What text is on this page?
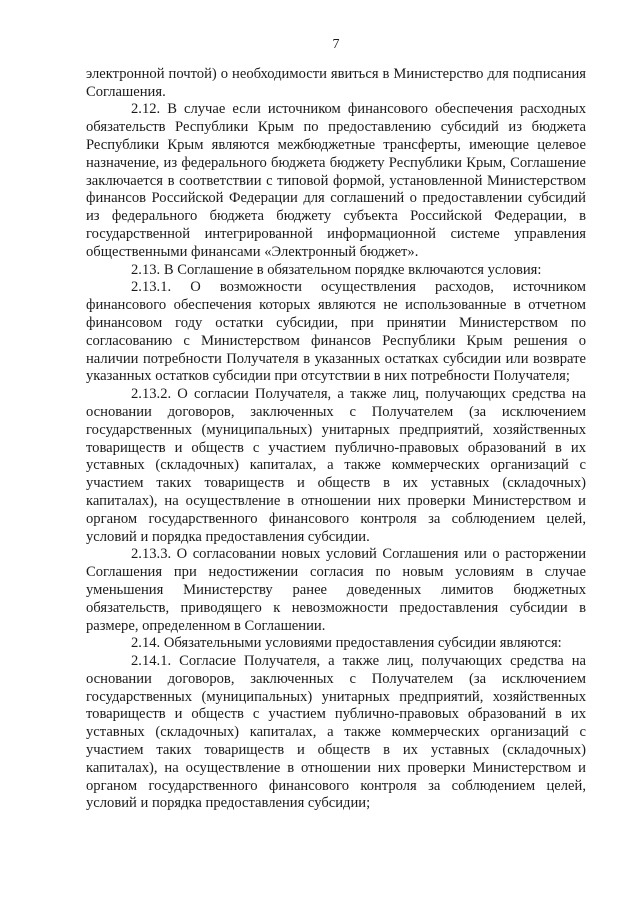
7

электронной почтой) о необходимости явиться в Министерство для подписания Соглашения.

2.12. В случае если источником финансового обеспечения расходных обязательств Республики Крым по предоставлению субсидий из бюджета Республики Крым являются межбюджетные трансферты, имеющие целевое назначение, из федерального бюджета бюджету Республики Крым, Соглашение заключается в соответствии с типовой формой, установленной Министерством финансов Российской Федерации для соглашений о предоставлении субсидий из федерального бюджета бюджету субъекта Российской Федерации, в государственной интегрированной информационной системе управления общественными финансами «Электронный бюджет».

2.13. В Соглашение в обязательном порядке включаются условия:

2.13.1. О возможности осуществления расходов, источником финансового обеспечения которых являются не использованные в отчетном финансовом году остатки субсидии, при принятии Министерством по согласованию с Министерством финансов Республики Крым решения о наличии потребности Получателя в указанных остатках субсидии или возврате указанных остатков субсидии при отсутствии в них потребности Получателя;

2.13.2. О согласии Получателя, а также лиц, получающих средства на основании договоров, заключенных с Получателем (за исключением государственных (муниципальных) унитарных предприятий, хозяйственных товариществ и обществ с участием публично-правовых образований в их уставных (складочных) капиталах, а также коммерческих организаций с участием таких товариществ и обществ в их уставных (складочных) капиталах), на осуществление в отношении них проверки Министерством и органом государственного финансового контроля за соблюдением целей, условий и порядка предоставления субсидии.

2.13.3. О согласовании новых условий Соглашения или о расторжении Соглашения при недостижении согласия по новым условиям в случае уменьшения Министерству ранее доведенных лимитов бюджетных обязательств, приводящего к невозможности предоставления субсидии в размере, определенном в Соглашении.

2.14. Обязательными условиями предоставления субсидии являются:

2.14.1. Согласие Получателя, а также лиц, получающих средства на основании договоров, заключенных с Получателем (за исключением государственных (муниципальных) унитарных предприятий, хозяйственных товариществ и обществ с участием публично-правовых образований в их уставных (складочных) капиталах, а также коммерческих организаций с участием таких товариществ и обществ в их уставных (складочных) капиталах), на осуществление в отношении них проверки Министерством и органом государственного финансового контроля за соблюдением целей, условий и порядка предоставления субсидии;
